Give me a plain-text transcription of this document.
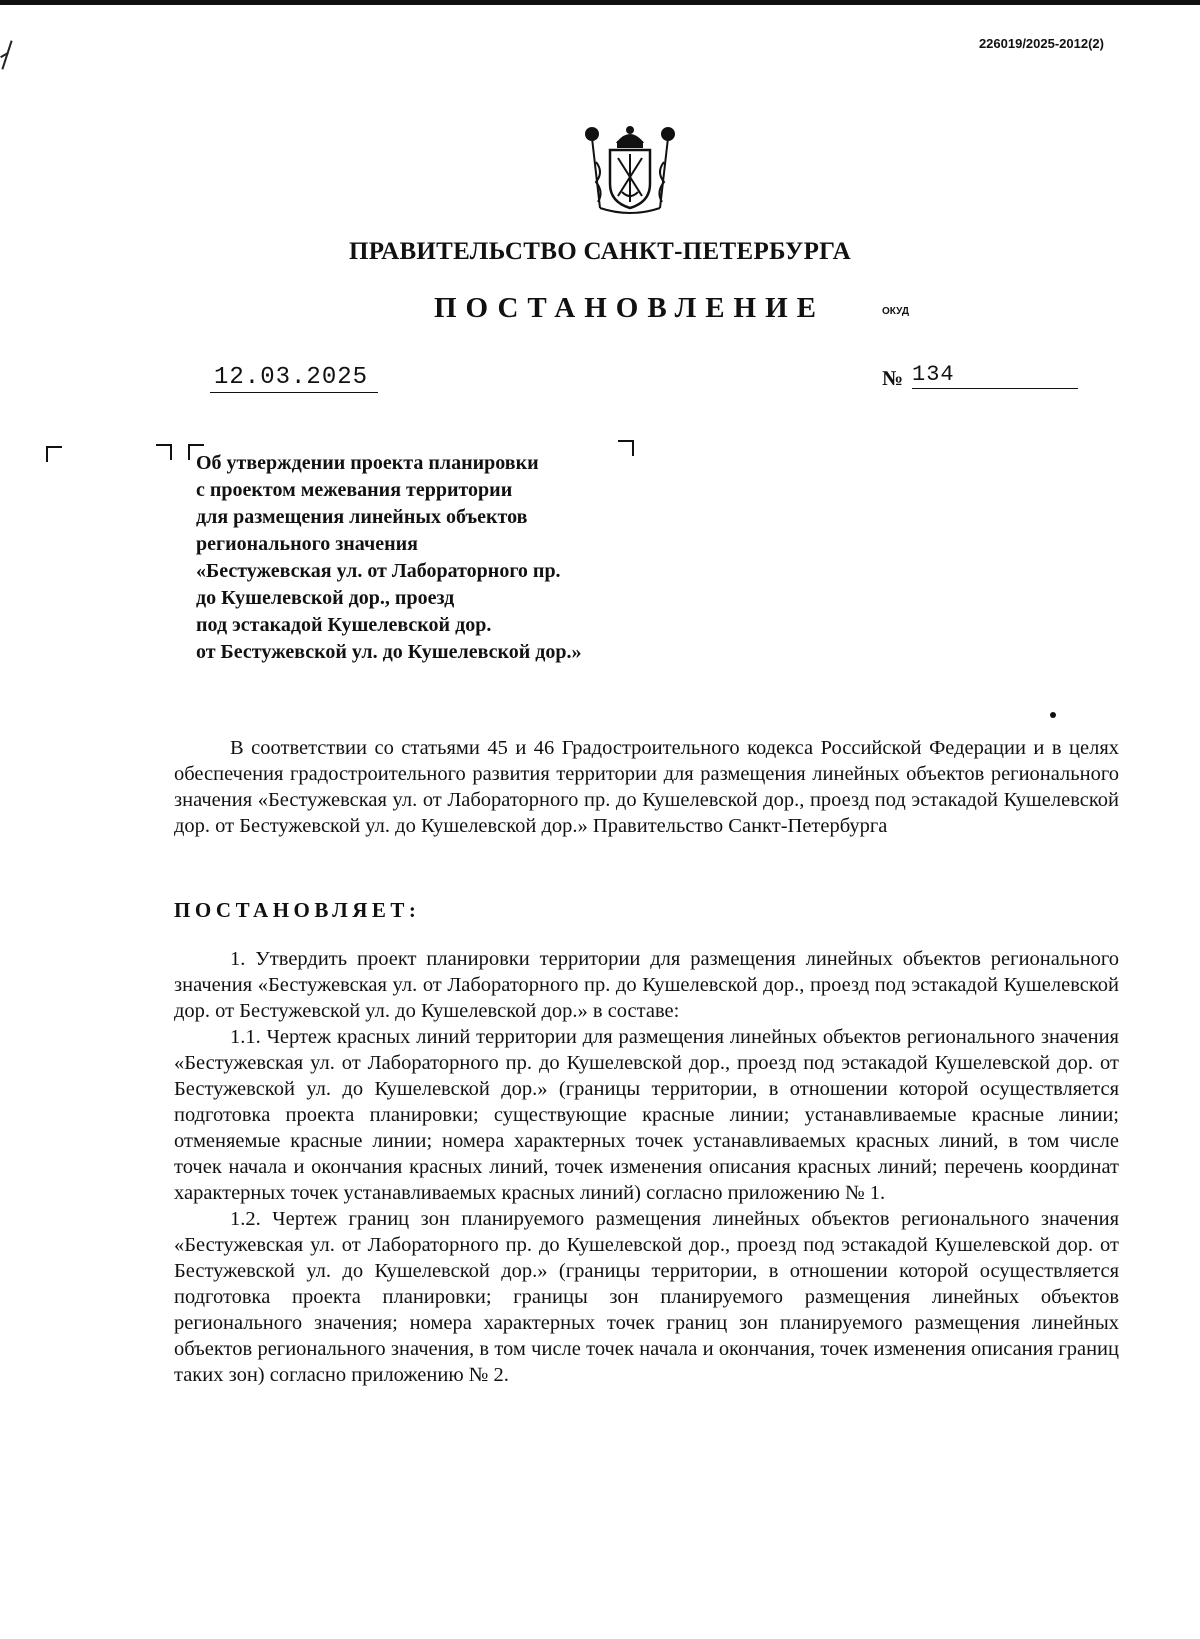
226019/2025-2012(2)
ПРАВИТЕЛЬСТВО САНКТ-ПЕТЕРБУРГА
ПОСТАНОВЛЕНИЕ	ОКУД
12.03.2025	№ 134
Об утверждении проекта планировки
с проектом межевания территории
для размещения линейных объектов
регионального значения
«Бестужевская ул. от Лабораторного пр.
до Кушелевской дор., проезд
под эстакадой Кушелевской дор.
от Бестужевской ул. до Кушелевской дор.»

В соответствии со статьями 45 и 46 Градостроительного кодекса Российской Федерации и в целях обеспечения градостроительного развития территории для размещения линейных объектов регионального значения «Бестужевская ул. от Лабораторного пр. до Кушелевской дор., проезд под эстакадой Кушелевской дор. от Бестужевской ул. до Кушелевской дор.» Правительство Санкт-Петербурга

ПОСТАНОВЛЯЕТ:

1. Утвердить проект планировки территории для размещения линейных объектов регионального значения «Бестужевская ул. от Лабораторного пр. до Кушелевской дор., проезд под эстакадой Кушелевской дор. от Бестужевской ул. до Кушелевской дор.» в составе:

1.1. Чертеж красных линий территории для размещения линейных объектов регионального значения «Бестужевская ул. от Лабораторного пр. до Кушелевской дор., проезд под эстакадой Кушелевской дор. от Бестужевской ул. до Кушелевской дор.» (границы территории, в отношении которой осуществляется подготовка проекта планировки; существующие красные линии; устанавливаемые красные линии; отменяемые красные линии; номера характерных точек устанавливаемых красных линий, в том числе точек начала и окончания красных линий, точек изменения описания красных линий; перечень координат характерных точек устанавливаемых красных линий) согласно приложению № 1.

1.2. Чертеж границ зон планируемого размещения линейных объектов регионального значения «Бестужевская ул. от Лабораторного пр. до Кушелевской дор., проезд под эстакадой Кушелевской дор. от Бестужевской ул. до Кушелевской дор.» (границы территории, в отношении которой осуществляется подготовка проекта планировки; границы зон планируемого размещения линейных объектов регионального значения; номера характерных точек границ зон планируемого размещения линейных объектов регионального значения, в том числе точек начала и окончания, точек изменения описания границ таких зон) согласно приложению № 2.
